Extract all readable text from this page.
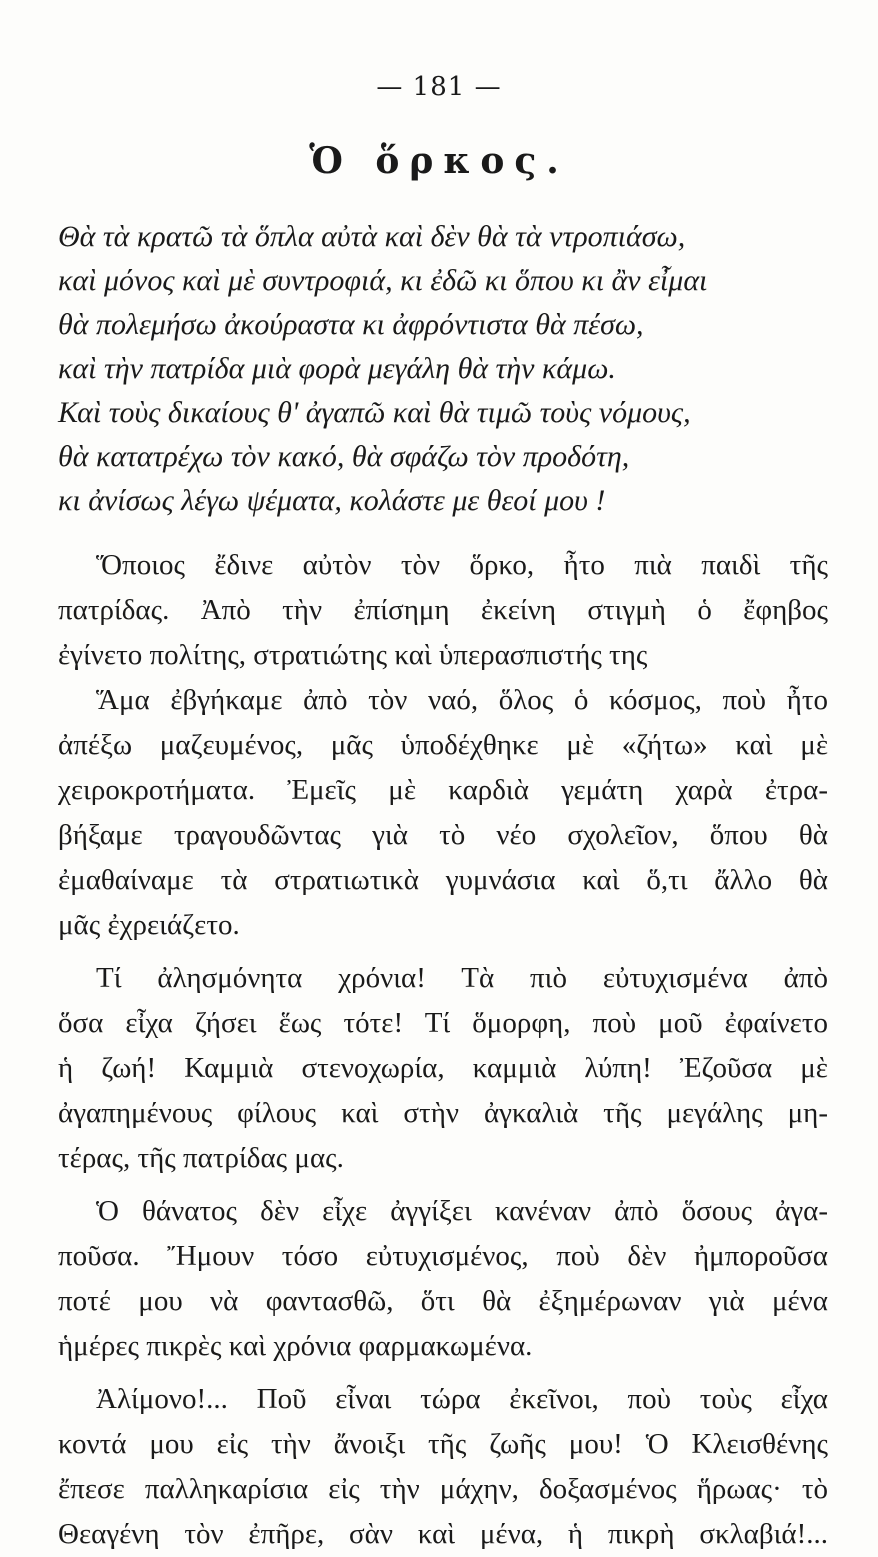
— 181 —
Ὁ ὅρκος.
Θὰ τὰ κρατῶ τὰ ὅπλα αὐτὰ καὶ δὲν θὰ τὰ ντροπιάσω,
καὶ μόνος καὶ μὲ συντροφιά, κι ἐδῶ κι ὅπου κι ἂν εἶμαι
θὰ πολεμήσω ἀκούραστα κι ἀφρόντιστα θὰ πέσω,
καὶ τὴν πατρίδα μιὰ φορὰ μεγάλη θὰ τὴν κάμω.
Καὶ τοὺς δικαίους θ' ἀγαπῶ καὶ θὰ τιμῶ τοὺς νόμους,
θὰ κατατρέχω τὸν κακό, θὰ σφάζω τὸν προδότη,
κι ἀνίσως λέγω ψέματα, κολάστε με θεοί μου !
Ὅποιος ἔδινε αὐτὸν τὸν ὅρκο, ἦτο πιὰ παιδὶ τῆς
πατρίδας. Ἀπὸ τὴν ἐπίσημη ἐκείνη στιγμὴ ὁ ἔφηβος
ἐγίνετο πολίτης, στρατιώτης καὶ ὑπερασπιστής της
Ἅμα ἐβγήκαμε ἀπὸ τὸν ναό, ὅλος ὁ κόσμος, ποὺ ἦτο
ἀπέξω μαζευμένος, μᾶς ὑποδέχθηκε μὲ «ζήτω» καὶ μὲ
χειροκροτήματα. Ἐμεῖς μὲ καρδιὰ γεμάτη χαρὰ ἐτρα-
βήξαμε τραγουδῶντας γιὰ τὸ νέο σχολεῖον, ὅπου θὰ
ἐμαθαίναμε τὰ στρατιωτικὰ γυμνάσια καὶ ὅ,τι ἄλλο θὰ
μᾶς ἐχρειάζετο.
Τί ἀλησμόνητα χρόνια! Τὰ πιὸ εὐτυχισμένα ἀπὸ
ὅσα εἶχα ζήσει ἕως τότε! Τί ὅμορφη, ποὺ μοῦ ἐφαίνετο
ἡ ζωή! Καμμιὰ στενοχωρία, καμμιὰ λύπη! Ἐζοῦσα μὲ
ἀγαπημένους φίλους καὶ στὴν ἀγκαλιὰ τῆς μεγάλης μη-
τέρας, τῆς πατρίδας μας.
Ὁ θάνατος δὲν εἶχε ἀγγίξει κανέναν ἀπὸ ὅσους ἀγα-
ποῦσα. Ἤμουν τόσο εὐτυχισμένος, ποὺ δὲν ἠμποροῦσα
ποτέ μου νὰ φαντασθῶ, ὅτι θὰ ἐξημέρωναν γιὰ μένα
ἡμέρες πικρὲς καὶ χρόνια φαρμακωμένα.
Ἀλίμονο!... Ποῦ εἶναι τώρα ἐκεῖνοι, ποὺ τοὺς εἶχα
κοντά μου εἰς τὴν ἄνοιξι τῆς ζωῆς μου! Ὁ Κλεισθένης
ἔπεσε παλληκαρίσια εἰς τὴν μάχην, δοξασμένος ἥρωας· τὸ
Θεαγένη τὸν ἐπῆρε, σὰν καὶ μένα, ἡ πικρὴ σκλαβιά!...
